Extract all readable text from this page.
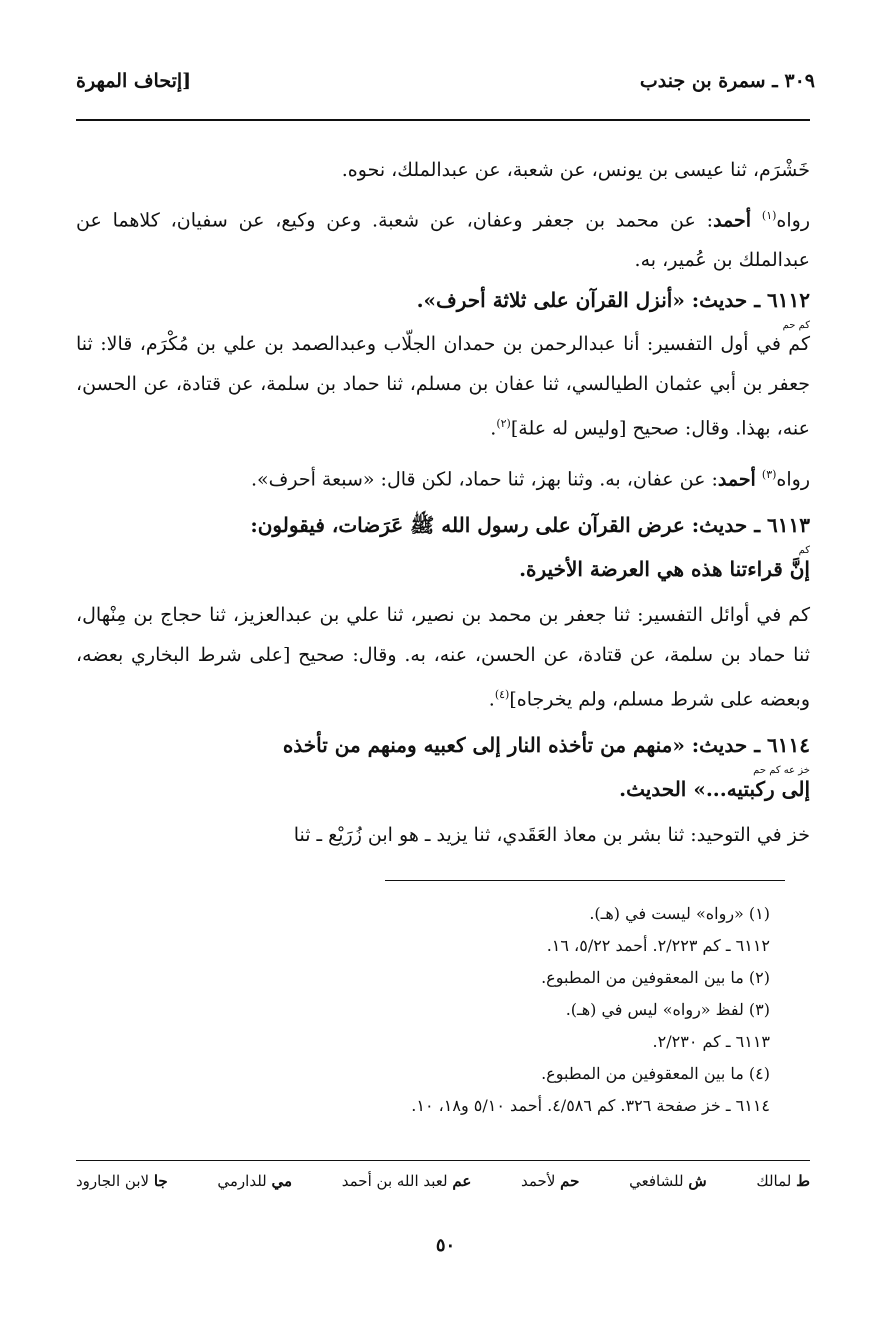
٣٠٩ ـ سمرة بن جندب
[إتحاف المهرة

خَشْرَم، ثنا عيسى بن يونس، عن شعبة، عن عبدالملك، نحوه.

رواه$^{(١)}$ أحمد: عن محمد بن جعفر وعفان، عن شعبة. وعن وكيع، عن سفيان، كلاهما عن عبدالملك بن عُمير، به.

٦١١٢ ـ حديث: «أنزل القرآن على ثلاثة أحرف».

كم حم

كم في أول التفسير: أنا عبدالرحمن بن حمدان الجلّاب وعبدالصمد بن علي بن مُكْرَم، قالا: ثنا جعفر بن أبي عثمان الطيالسي، ثنا عفان بن مسلم، ثنا حماد بن سلمة، عن قتادة، عن الحسن، عنه، بهذا. وقال: صحيح [وليس له علة]$^{(٢)}$.

رواه$^{(٣)}$ أحمد: عن عفان، به. وثنا بهز، ثنا حماد، لكن قال: «سبعة أحرف».

٦١١٣ ـ حديث: عرض القرآن على رسول الله ﷺ عَرَضات، فيقولون:

كم

إنَّ قراءتنا هذه هي العرضة الأخيرة.

كم في أوائل التفسير: ثنا جعفر بن محمد بن نصير، ثنا علي بن عبدالعزيز، ثنا حجاج بن مِنْهال، ثنا حماد بن سلمة، عن قتادة، عن الحسن، عنه، به. وقال: صحيح [على شرط البخاري بعضه، وبعضه على شرط مسلم، ولم يخرجاه]$^{(٤)}$.

٦١١٤ ـ حديث: «منهم من تأخذه النار إلى كعبيه ومنهم من تأخذه

خز عه كم حم

إلى ركبتيه...» الحديث.

خز في التوحيد: ثنا بشر بن معاذ العَقَدي، ثنا يزيد ـ هو ابن زُرَيْع ـ ثنا

(١) «رواه» ليست في (هـ).
٦١١٢ ـ كم ٢/٢٢٣. أحمد ٥/٢٢، ١٦.
(٢) ما بين المعقوفين من المطبوع.
(٣) لفظ «رواه» ليس في (هـ).
٦١١٣ ـ كم ٢/٢٣٠.
(٤) ما بين المعقوفين من المطبوع.
٦١١٤ ـ خز صفحة ٣٢٦. كم ٤/٥٨٦. أحمد ٥/١٠ و١٨، ١٠.
ط لمالك
ش للشافعي
حم لأحمد
عم لعبد الله بن أحمد
مي للدارمي
جا لابن الجارود
٥٠
